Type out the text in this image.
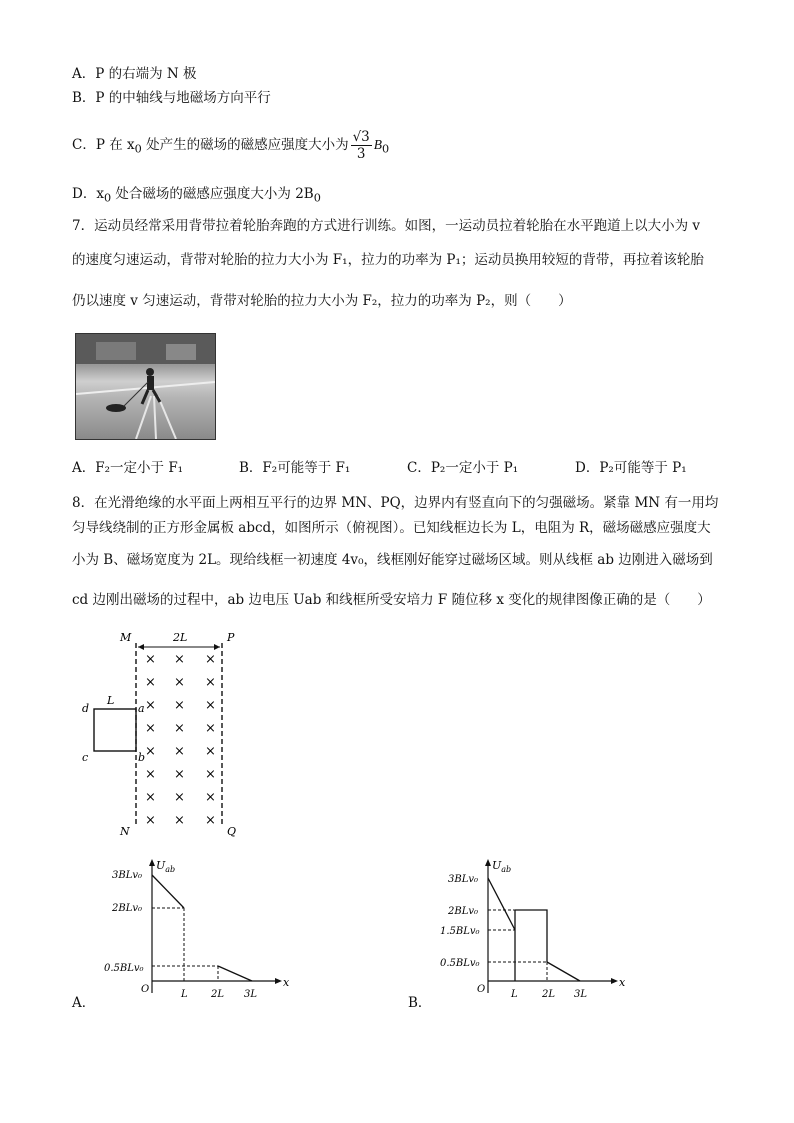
A．P 的右端为 N 极
B．P 的中轴线与地磁场方向平行
C．P 在 $x_0$ 处产生的磁场的磁感应强度大小为 $\frac{√3}{3} B_0$
D．$x_0$ 处合磁场的磁感应强度大小为 $2B_0$
7．运动员经常采用背带拉着轮胎奔跑的方式进行训练。如图，一运动员拉着轮胎在水平跑道上以大小为 v
的速度匀速运动，背带对轮胎的拉力大小为 F₁，拉力的功率为 P₁；运动员换用较短的背带，再拉着该轮胎
仍以速度 v 匀速运动，背带对轮胎的拉力大小为 F₂，拉力的功率为 P₂，则（　　）
A．F₂一定小于 F₁	B．F₂可能等于 F₁	C．P₂一定小于 P₁	D．P₂可能等于 P₁
8．在光滑绝缘的水平面上两相互平行的边界 MN、PQ，边界内有竖直向下的匀强磁场。紧靠 MN 有一用均
匀导线绕制的正方形金属板 abcd，如图所示（俯视图）。已知线框边长为 L，电阻为 R，磁场磁感应强度大
小为 B、磁场宽度为 2L。现给线框一初速度 4v₀，线框刚好能穿过磁场区域。则从线框 ab 边刚进入磁场到
cd 边刚出磁场的过程中，ab 边电压 Uab 和线框所受安培力 F 随位移 x 变化的规律图像正确的是（　　）
2L
M	P
N	Q
× × ×
× × ×
× × ×
× × ×
× × ×
× × ×
× × ×
× × ×
L
d	a
c	b
$U_{ab}$
x
O
3BLv₀
2BLv₀
0.5BLv₀
L 2L 3L
A．
$U_{ab}$
x
O
3BLv₀
2BLv₀
1.5BLv₀
0.5BLv₀
L 2L 3L
B．
